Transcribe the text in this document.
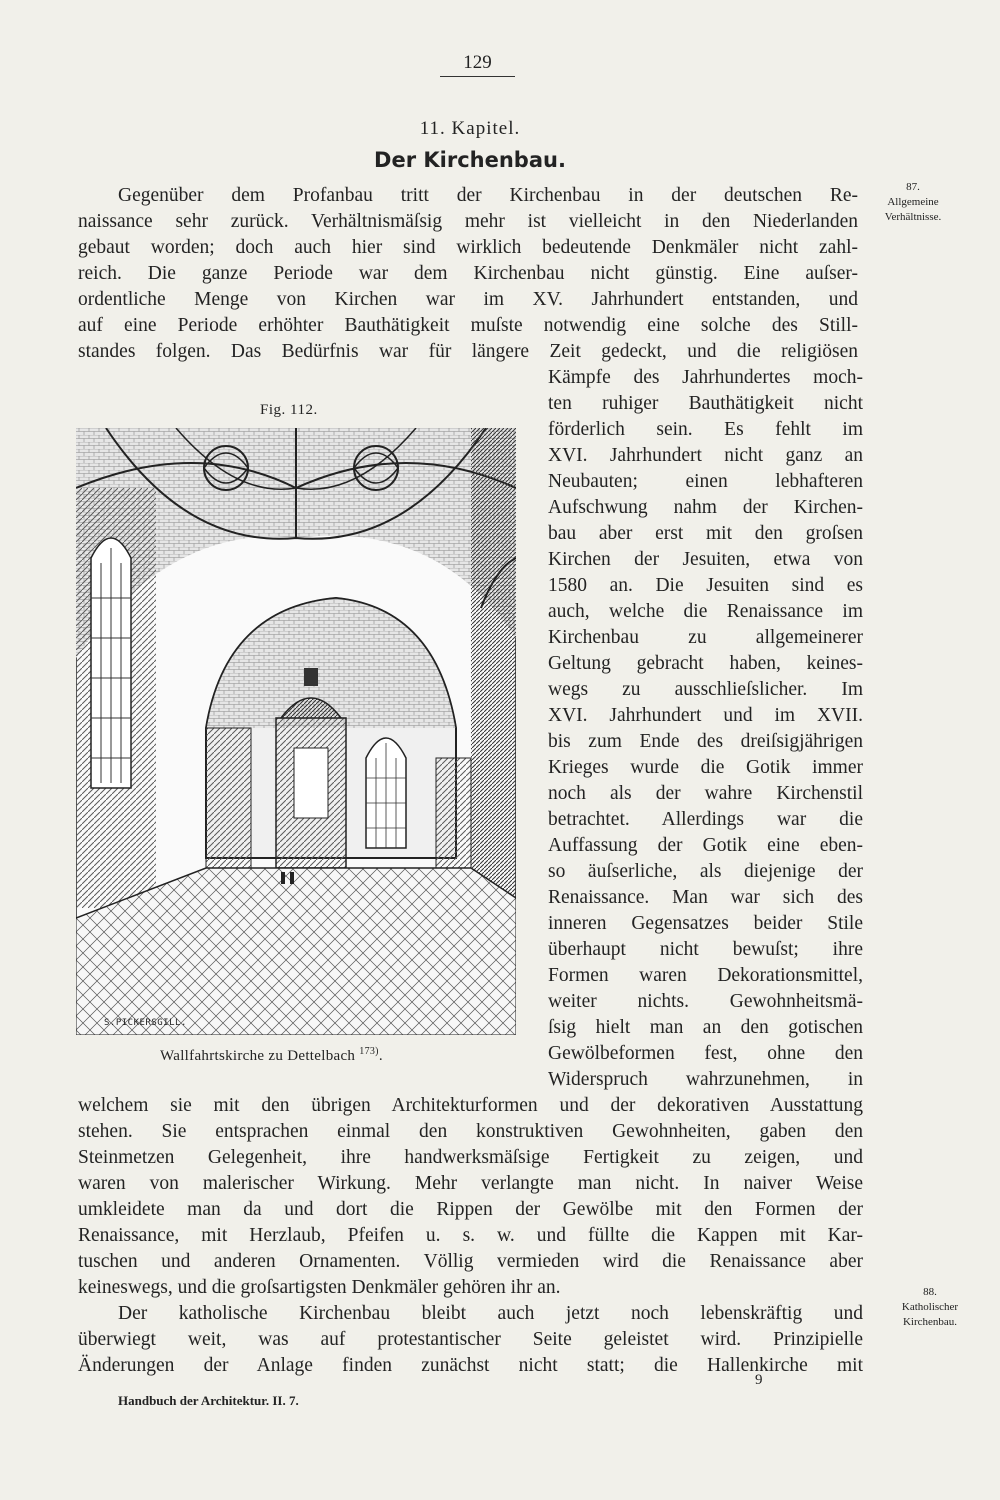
129
11. Kapitel.
Der Kirchenbau.
Gegenüber dem Profanbau tritt der Kirchenbau in der deutschen Re-
naissance sehr zurück. Verhältnismäſsig mehr ist vielleicht in den Niederlanden
gebaut worden; doch auch hier sind wirklich bedeutende Denkmäler nicht zahl-
reich. Die ganze Periode war dem Kirchenbau nicht günstig. Eine auſser-
ordentliche Menge von Kirchen war im XV. Jahrhundert entstanden, und
auf eine Periode erhöhter Bauthätigkeit muſste notwendig eine solche des Still-
standes folgen. Das Bedürfnis war für längere Zeit gedeckt, und die religiösen
Kämpfe des Jahrhundertes moch-
ten ruhiger Bauthätigkeit nicht
förderlich sein. Es fehlt im
XVI. Jahrhundert nicht ganz an
Neubauten; einen lebhafteren
Aufschwung nahm der Kirchen-
bau aber erst mit den groſsen
Kirchen der Jesuiten, etwa von
1580 an. Die Jesuiten sind es
auch, welche die Renaissance im
Kirchenbau zu allgemeinerer
Geltung gebracht haben, keines-
wegs zu ausschlieſslicher. Im
XVI. Jahrhundert und im XVII.
bis zum Ende des dreiſsigjährigen
Krieges wurde die Gotik immer
noch als der wahre Kirchenstil
betrachtet. Allerdings war die
Auffassung der Gotik eine eben-
so äuſserliche, als diejenige der
Renaissance. Man war sich des
inneren Gegensatzes beider Stile
überhaupt nicht bewuſst; ihre
Formen waren Dekorationsmittel,
weiter nichts. Gewohnheitsmä-
ſsig hielt man an den gotischen
Gewölbeformen fest, ohne den
Widerspruch wahrzunehmen, in
welchem sie mit den übrigen Architekturformen und der dekorativen Ausstattung
stehen. Sie entsprachen einmal den konstruktiven Gewohnheiten, gaben den
Steinmetzen Gelegenheit, ihre handwerksmäſsige Fertigkeit zu zeigen, und
waren von malerischer Wirkung. Mehr verlangte man nicht. In naiver Weise
umkleidete man da und dort die Rippen der Gewölbe mit den Formen der
Renaissance, mit Herzlaub, Pfeifen u. s. w. und füllte die Kappen mit Kar-
tuschen und anderen Ornamenten. Völlig vermieden wird die Renaissance aber
keineswegs, und die groſsartigsten Denkmäler gehören ihr an.
Der katholische Kirchenbau bleibt auch jetzt noch lebenskräftig und
überwiegt weit, was auf protestantischer Seite geleistet wird. Prinzipielle
Änderungen der Anlage finden zunächst nicht statt; die Hallenkirche mit
Fig. 112.
S.PICKERSGILL.
Wallfahrtskirche zu Dettelbach $^{173)}$.
87.
Allgemeine
Verhältnisse.
88.
Katholischer
Kirchenbau.
Handbuch der Architektur. II. 7.
9
